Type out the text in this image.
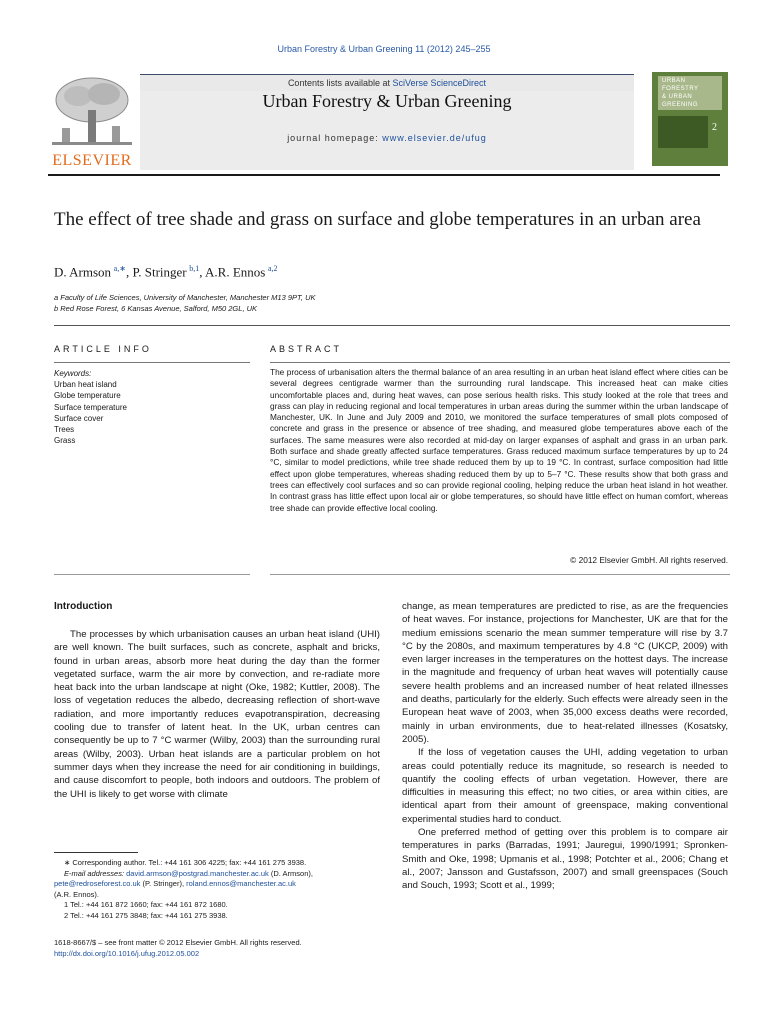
Urban Forestry & Urban Greening 11 (2012) 245–255
ELSEVIER
Contents lists available at SciVerse ScienceDirect
Urban Forestry & Urban Greening
journal homepage: www.elsevier.de/ufug
URBAN
FORESTRY
& URBAN
GREENING
2
The effect of tree shade and grass on surface and globe temperatures in an urban area
D. Armson  $^{a,∗}$, P. Stringer  $^{b,1}$, A.R. Ennos  $^{a,2}$
a Faculty of Life Sciences, University of Manchester, Manchester M13 9PT, UK
b Red Rose Forest, 6 Kansas Avenue, Salford, M50 2GL, UK
ARTICLE INFO	ABSTRACT
Keywords:
Urban heat island
Globe temperature
Surface temperature
Surface cover
Trees
Grass
The process of urbanisation alters the thermal balance of an area resulting in an urban heat island effect where cities can be several degrees centigrade warmer than the surrounding rural landscape. This increased heat can make cities uncomfortable places and, during heat waves, can pose serious health risks. This study looked at the role that trees and grass can play in reducing regional and local temperatures in urban areas during the summer within the urban landscape of Manchester, UK. In June and July 2009 and 2010, we monitored the surface temperatures of small plots composed of concrete and grass in the presence or absence of tree shading, and measured globe temperatures above each of the surfaces. The same measures were also recorded at mid-day on larger expanses of asphalt and grass in an urban park. Both surface and shade greatly affected surface temperatures. Grass reduced maximum surface temperatures by up to 24 °C, similar to model predictions, while tree shade reduced them by up to 19 °C. In contrast, surface composition had little effect upon globe temperatures, whereas shading reduced them by up to 5–7 °C. These results show that both grass and trees can effectively cool surfaces and so can provide regional cooling, helping reduce the urban heat island in hot weather. In contrast grass has little effect upon local air or globe temperatures, so should have little effect on human comfort, whereas tree shade can provide effective local cooling.
© 2012 Elsevier GmbH. All rights reserved.
Introduction

The processes by which urbanisation causes an urban heat island (UHI) are well known. The built surfaces, such as concrete, asphalt and bricks, found in urban areas, absorb more heat during the day than the former vegetated surface, warm the air more by convection, and re-radiate more heat back into the urban landscape at night (Oke, 1982; Kuttler, 2008). The loss of vegetation reduces the albedo, decreasing reflection of short-wave radiation, and more importantly reduces evapotranspiration, decreasing cooling due to transfer of latent heat. In the UK, urban centres can consequently be up to 7 °C warmer (Wilby, 2003) than the surrounding rural areas (Wilby, 2003). Urban heat islands are a particular problem on hot summer days when they increase the need for air conditioning in buildings, and cause discomfort to people, both indoors and outdoors. The problem of the UHI is likely to get worse with climate

change, as mean temperatures are predicted to rise, as are the frequencies of heat waves. For instance, projections for Manchester, UK are that for the medium emissions scenario the mean summer temperature will rise by 3.7 °C by the 2080s, and maximum temperatures by 4.8 °C (UKCP, 2009) with even larger increases in the temperatures on the hottest days. The increase in the magnitude and frequency of urban heat waves will potentially cause severe health problems and an increased number of heat related illnesses and deaths, particularly for the elderly. Such effects were already seen in the European heat wave of 2003, when 35,000 excess deaths were recorded, mainly in urban environments, due to heat-related illnesses (Kosatsky, 2005).

If the loss of vegetation causes the UHI, adding vegetation to urban areas could potentially reduce its magnitude, so research is needed to quantify the cooling effects of urban vegetation. However, there are difficulties in measuring this effect; no two cities, or area within cities, are identical apart from their amount of greenspace, making conventional experimental studies hard to conduct.

One preferred method of getting over this problem is to compare air temperatures in parks (Barradas, 1991; Jauregui, 1990/1991; Spronken-Smith and Oke, 1998; Upmanis et al., 1998; Potchter et al., 2006; Chang et al., 2007; Jansson and Gustafsson, 2007) and small greenspaces (Souch and Souch, 1993; Scott et al., 1999;

∗ Corresponding author. Tel.: +44 161 306 4225; fax: +44 161 275 3938.
E-mail addresses: david.armson@postgrad.manchester.ac.uk (D. Armson),
pete@redroseforest.co.uk (P. Stringer), roland.ennos@manchester.ac.uk
(A.R. Ennos).
1 Tel.: +44 161 872 1660; fax: +44 161 872 1680.
2 Tel.: +44 161 275 3848; fax: +44 161 275 3938.
1618-8667/$ – see front matter © 2012 Elsevier GmbH. All rights reserved.
http://dx.doi.org/10.1016/j.ufug.2012.05.002
